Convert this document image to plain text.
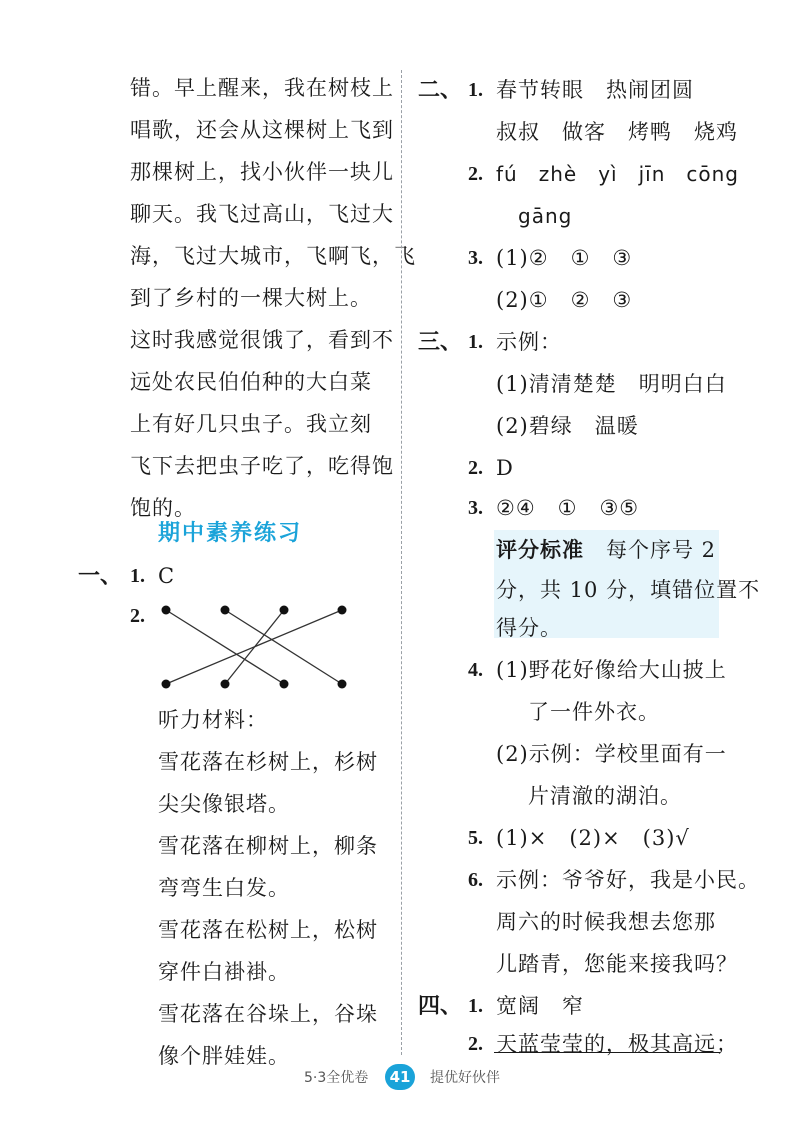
错。早上醒来，我在树枝上
唱歌，还会从这棵树上飞到
那棵树上，找小伙伴一块儿
聊天。我飞过高山，飞过大
海，飞过大城市，飞啊飞，飞
到了乡村的一棵大树上。
这时我感觉很饿了，看到不
远处农民伯伯种的大白菜
上有好几只虫子。我立刻
飞下去把虫子吃了，吃得饱
饱的。
期中素养练习
一、 1. C
2.
听力材料：
雪花落在杉树上，杉树
尖尖像银塔。
雪花落在柳树上，柳条
弯弯生白发。
雪花落在松树上，松树
穿件白褂褂。
雪花落在谷垛上，谷垛
像个胖娃娃。
二、 1. 春节转眼　热闹团圆
叔叔　做客　烤鸭　烧鸡
2. fú　zhè　yì　jīn　cōng
gāng
3. (1)②　①　③
(2)①　②　③
三、 1. 示例：
(1)清清楚楚　明明白白
(2)碧绿　温暖
2. D
3. ②④　①　③⑤
评分标准　每个序号 2
分，共 10 分，填错位置不
得分。
4. (1)野花好像给大山披上
了一件外衣。
(2)示例：学校里面有一
片清澈的湖泊。
5. (1)×　(2)×　(3)√
6. 示例：爷爷好，我是小民。
周六的时候我想去您那
儿踏青，您能来接我吗？
四、 1. 宽阔　窄
2. 天蓝莹莹的，极其高远；
5·3全优卷	41	提优好伙伴
